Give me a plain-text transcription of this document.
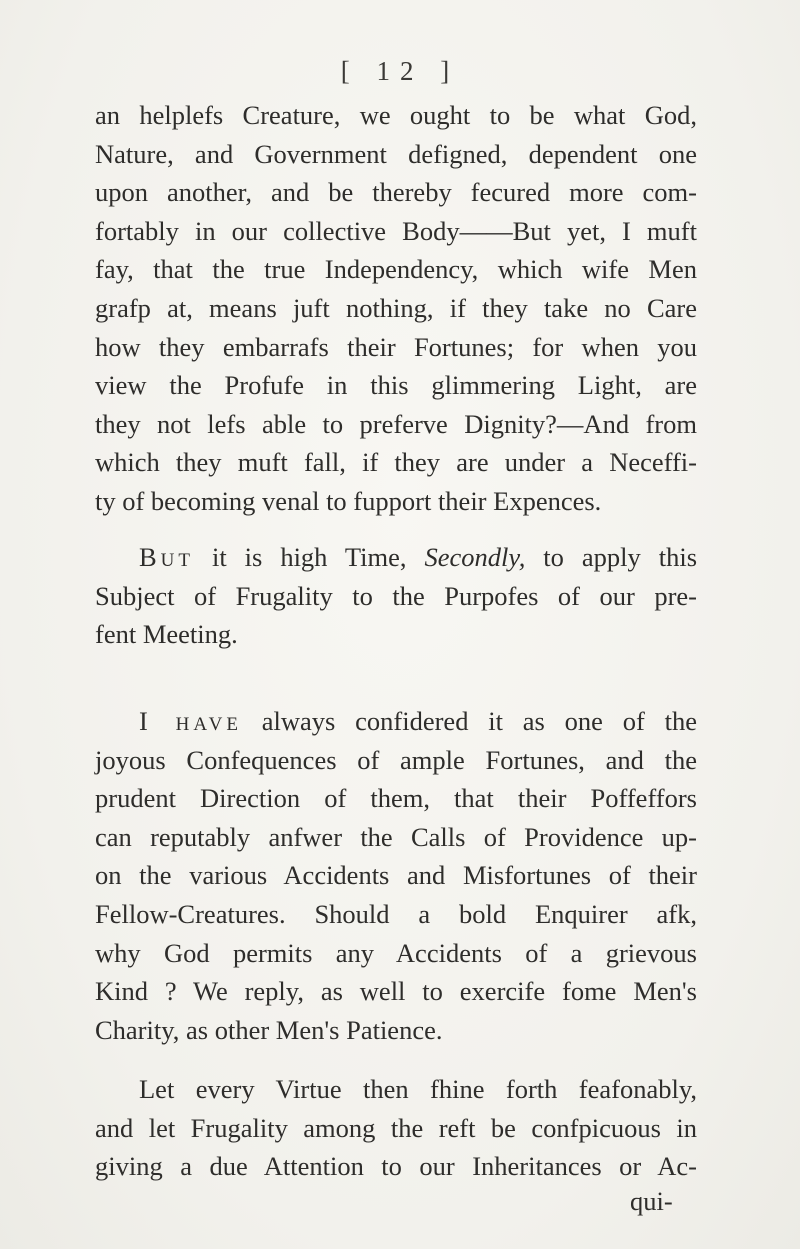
[ 12 ]
an helplefs Creature, we ought to be what God,
Nature, and Government defigned, dependent one
upon another, and be thereby fecured more com-
fortably in our collective Body——But yet, I muft
fay, that the true Independency, which wife Men
grafp at, means juft nothing, if they take no Care
how they embarrafs their Fortunes; for when you
view the Profufe in this glimmering Light, are
they not lefs able to preferve Dignity?—And from
which they muft fall, if they are under a Neceffi-
ty of becoming venal to fupport their Expences.
But it is high Time, Secondly, to apply this
Subject of Frugality to the Purpofes of our pre-
fent Meeting.
I have always confidered it as one of the
joyous Confequences of ample Fortunes, and the
prudent Direction of them, that their Poffeffors
can reputably anfwer the Calls of Providence up-
on the various Accidents and Misfortunes of their
Fellow-Creatures. Should a bold Enquirer afk,
why God permits any Accidents of a grievous
Kind ? We reply, as well to exercife fome Men's
Charity, as other Men's Patience.
Let every Virtue then fhine forth feafonably,
and let Frugality among the reft be confpicuous in
giving a due Attention to our Inheritances or Ac-
qui-
